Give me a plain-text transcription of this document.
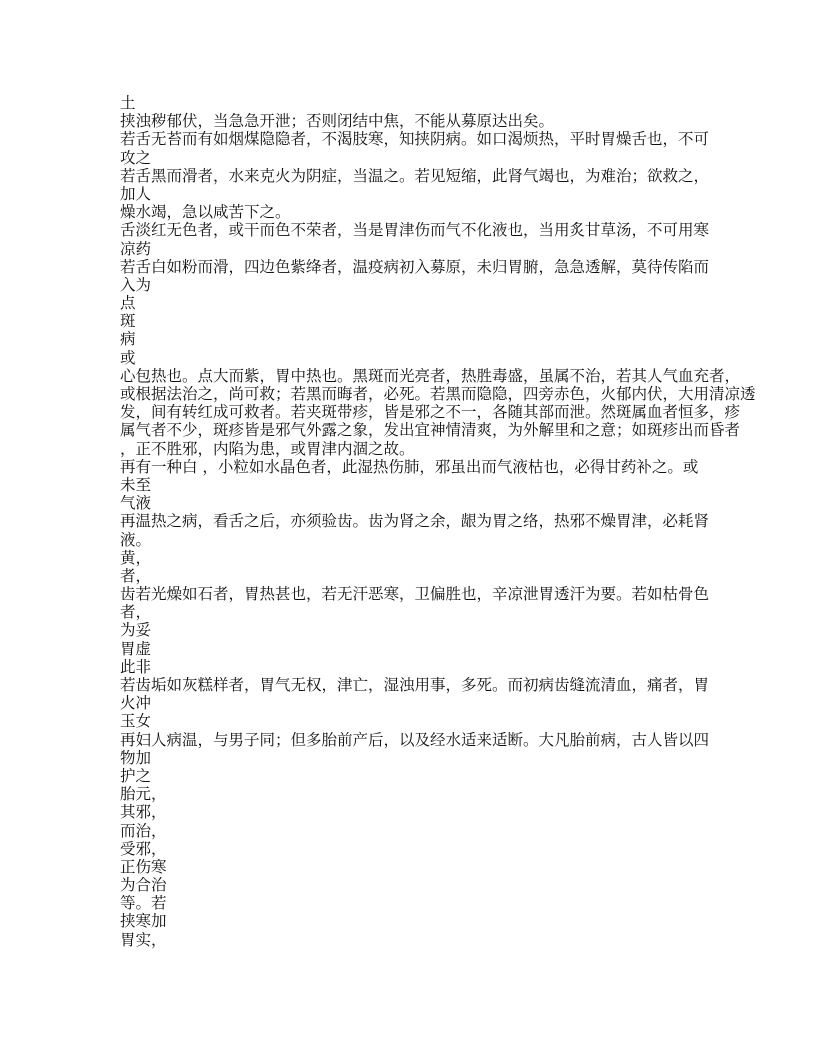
土
挟浊秽郁伏，当急急开泄；否则闭结中焦，不能从募原达出矣。
若舌无苔而有如烟煤隐隐者，不渴肢寒，知挟阴病。如口渴烦热，平时胃燥舌也，不可
攻之
若舌黑而滑者，水来克火为阴症，当温之。若见短缩，此肾气竭也，为难治；欲救之，
加人
燥水竭，急以咸苦下之。
舌淡红无色者，或干而色不荣者，当是胃津伤而气不化液也，当用炙甘草汤，不可用寒
凉药
若舌白如粉而滑，四边色紫绛者，温疫病初入募原，未归胃腑，急急透解，莫待传陷而
入为
点
斑
病
或
心包热也。点大而紫，胃中热也。黑斑而光亮者，热胜毒盛，虽属不治，若其人气血充者，
或根据法治之，尚可救；若黑而晦者，必死。若黑而隐隐，四旁赤色，火郁内伏，大用清凉透
发，间有转红成可救者。若夹斑带疹，皆是邪之不一，各随其部而泄。然斑属血者恒多，疹
属气者不少，斑疹皆是邪气外露之象，发出宜神情清爽，为外解里和之意；如斑疹出而昏者
，正不胜邪，内陷为患，或胃津内涸之故。
再有一种白 ，小粒如水晶色者，此湿热伤肺，邪虽出而气液枯也，必得甘药补之。或
未至
气液
再温热之病，看舌之后，亦须验齿。齿为肾之余，龈为胃之络，热邪不燥胃津，必耗肾
液。
黄，
者，
齿若光燥如石者，胃热甚也，若无汗恶寒，卫偏胜也，辛凉泄胃透汗为要。若如枯骨色
者，
为妥
胃虚
此非
若齿垢如灰糕样者，胃气无权，津亡，湿浊用事，多死。而初病齿缝流清血，痛者，胃
火冲
玉女
再妇人病温，与男子同；但多胎前产后，以及经水适来适断。大凡胎前病，古人皆以四
物加
护之
胎元，
其邪，
而治，
受邪，
正伤寒
为合治
等。若
挟寒加
胃实，
